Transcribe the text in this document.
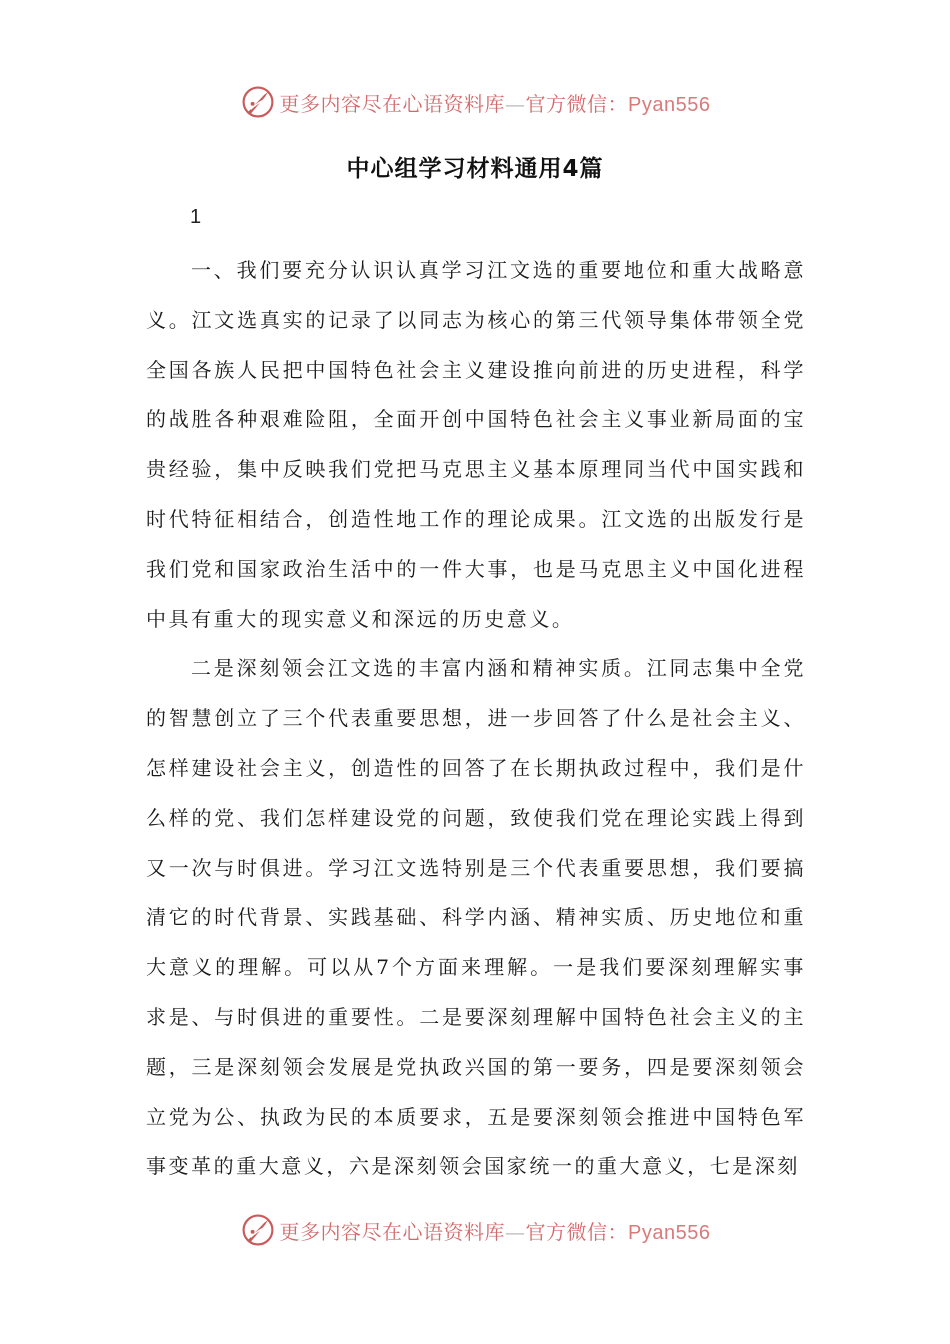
更多内容尽在心语资料库—官方微信：Pyan556
中心组学习材料通用4篇
1

一、我们要充分认识认真学习江文选的重要地位和重大战略意义。江文选真实的记录了以同志为核心的第三代领导集体带领全党全国各族人民把中国特色社会主义建设推向前进的历史进程，科学的战胜各种艰难险阻，全面开创中国特色社会主义事业新局面的宝贵经验，集中反映我们党把马克思主义基本原理同当代中国实践和时代特征相结合，创造性地工作的理论成果。江文选的出版发行是我们党和国家政治生活中的一件大事，也是马克思主义中国化进程中具有重大的现实意义和深远的历史意义。

二是深刻领会江文选的丰富内涵和精神实质。江同志集中全党的智慧创立了三个代表重要思想，进一步回答了什么是社会主义、怎样建设社会主义，创造性的回答了在长期执政过程中，我们是什么样的党、我们怎样建设党的问题，致使我们党在理论实践上得到又一次与时俱进。学习江文选特别是三个代表重要思想，我们要搞清它的时代背景、实践基础、科学内涵、精神实质、历史地位和重大意义的理解。可以从7个方面来理解。一是我们要深刻理解实事求是、与时俱进的重要性。二是要深刻理解中国特色社会主义的主题，三是深刻领会发展是党执政兴国的第一要务，四是要深刻领会立党为公、执政为民的本质要求，五是要深刻领会推进中国特色军事变革的重大意义，六是深刻领会国家统一的重大意义，七是深刻

更多内容尽在心语资料库—官方微信：Pyan556
